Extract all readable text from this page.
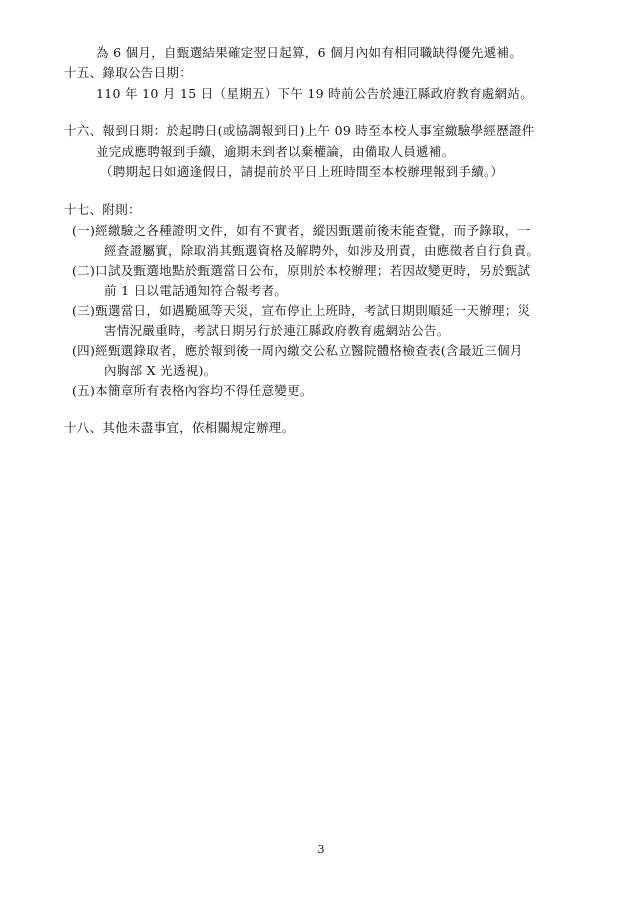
為 6 個月，自甄選結果確定翌日起算，6 個月內如有相同職缺得優先遞補。
十五、錄取公告日期：
110 年 10 月 15 日（星期五）下午 19 時前公告於連江縣政府教育處網站。
十六、報到日期：於起聘日(或協調報到日)上午 09 時至本校人事室繳驗學經歷證件
並完成應聘報到手續，逾期未到者以棄權論，由備取人員遞補。
（聘期起日如適逢假日，請提前於平日上班時間至本校辦理報到手續。）
十七、附則：
(一)經繳驗之各種證明文件，如有不實者，縱因甄選前後未能查覺，而予錄取，一
經查證屬實，除取消其甄選資格及解聘外，如涉及刑責，由應徵者自行負責。
(二)口試及甄選地點於甄選當日公布，原則於本校辦理；若因故變更時，另於甄試
前 1 日以電話通知符合報考者。
(三)甄選當日，如遇颱風等天災，宣布停止上班時，考試日期則順延一天辦理；災
害情況嚴重時，考試日期另行於連江縣政府教育處網站公告。
(四)經甄選錄取者，應於報到後一周內繳交公私立醫院體格檢查表(含最近三個月
內胸部 X 光透視)。
(五)本簡章所有表格內容均不得任意變更。
十八、其他未盡事宜，依相關規定辦理。
3
